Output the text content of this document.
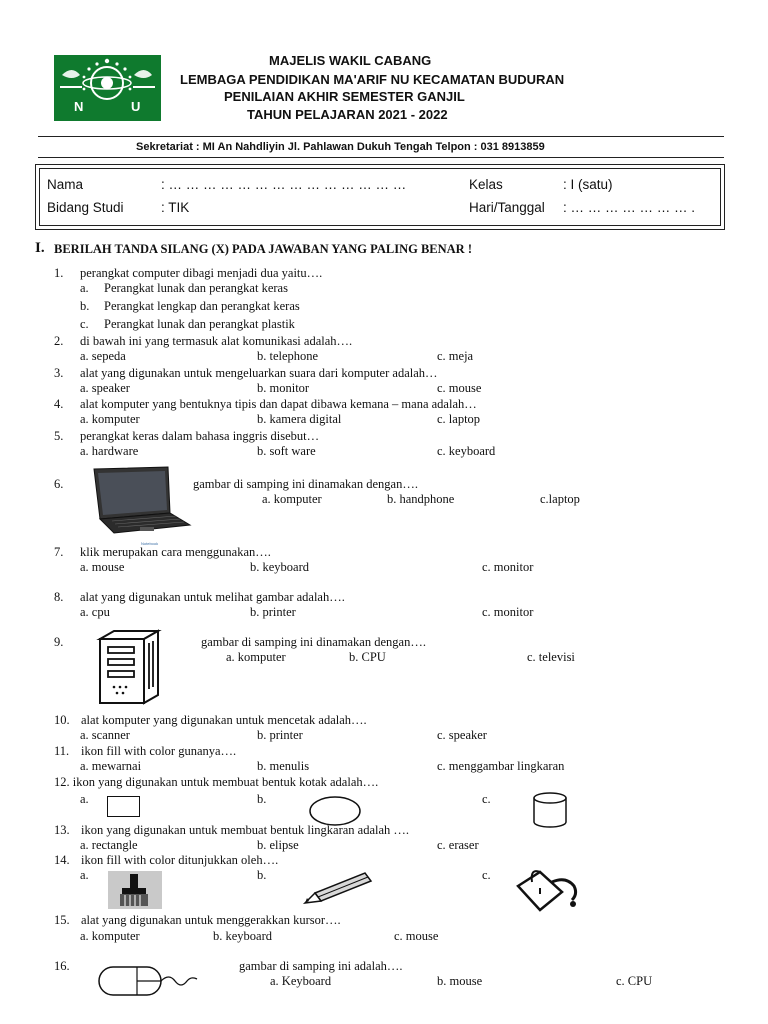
N U
MAJELIS WAKIL CABANG
LEMBAGA PENDIDIKAN MA'ARIF NU KECAMATAN BUDURAN
PENILAIAN AKHIR SEMESTER GANJIL
TAHUN PELAJARAN 2021 - 2022
Sekretariat : MI An Nahdliyin Jl. Pahlawan Dukuh Tengah Telpon : 031 8913859
Nama	: … … … … … … … … … … … … … …	Kelas	: I (satu)
Bidang Studi	: TIK	Hari/Tanggal : … … … … … … … .
I. BERILAH TANDA SILANG (X) PADA JAWABAN YANG PALING BENAR !
1. perangkat computer dibagi menjadi dua yaitu….
a. Perangkat lunak dan perangkat keras
b. Perangkat lengkap dan perangkat keras
c. Perangkat lunak dan perangkat plastik
2. di bawah ini yang termasuk alat komunikasi adalah….
a. sepeda	b. telephone	c. meja
3. alat yang digunakan untuk mengeluarkan suara dari komputer adalah…
a. speaker	b. monitor	c. mouse
4. alat komputer yang bentuknya tipis dan dapat dibawa kemana – mana adalah…
a. komputer	b. kamera digital	c. laptop
5. perangkat keras dalam bahasa inggris disebut…
a. hardware	b. soft ware	c. keyboard
6.
Notebook
gambar di samping ini dinamakan dengan….
a. komputer	b. handphone	c.laptop
7. klik merupakan cara menggunakan….
a. mouse	b. keyboard	c. monitor
8. alat yang digunakan untuk melihat gambar adalah….
a. cpu	b. printer	c. monitor
9.	gambar di samping ini dinamakan dengan….
a. komputer	b. CPU	c. televisi
10. alat komputer yang digunakan untuk mencetak adalah….
a. scanner	b. printer	c. speaker
11. ikon fill with color gunanya….
a. mewarnai	b. menulis	c. menggambar lingkaran
12. ikon yang digunakan untuk membuat bentuk kotak adalah….
a.	b.	c.
13. ikon yang digunakan untuk membuat bentuk lingkaran adalah ….
a. rectangle	b. elipse	c. eraser
14. ikon fill with color ditunjukkan oleh….
a.	b.	c.
15. alat yang digunakan untuk menggerakkan kursor….
a. komputer	b. keyboard	c. mouse
16.	gambar di samping ini adalah….
a. Keyboard	b. mouse	c. CPU
